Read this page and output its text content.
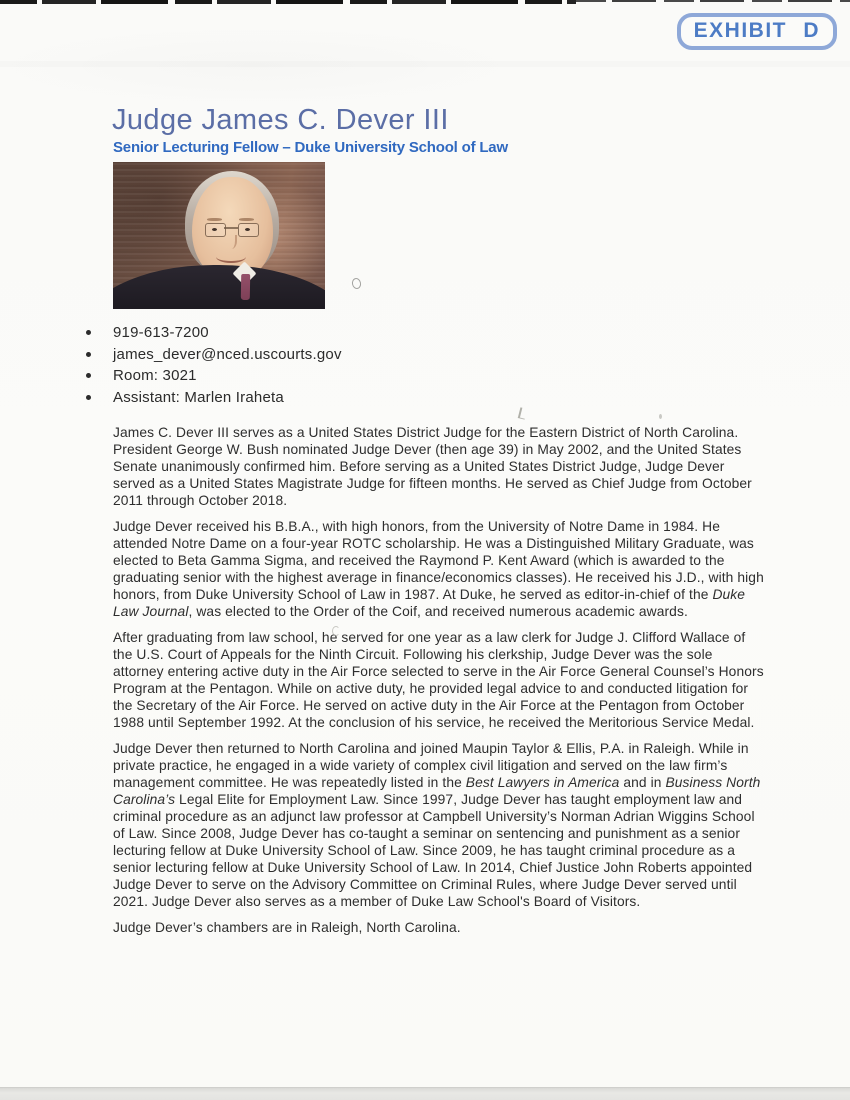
EXHIBIT D
Judge James C. Dever III
Senior Lecturing Fellow – Duke University School of Law
919-613-7200
james_dever@nced.uscourts.gov
Room: 3021
Assistant: Marlen Iraheta

James C. Dever III serves as a United States District Judge for the Eastern District of North Carolina. President George W. Bush nominated Judge Dever (then age 39) in May 2002, and the United States Senate unanimously confirmed him. Before serving as a United States District Judge, Judge Dever served as a United States Magistrate Judge for fifteen months. He served as Chief Judge from October 2011 through October 2018.

Judge Dever received his B.B.A., with high honors, from the University of Notre Dame in 1984. He attended Notre Dame on a four-year ROTC scholarship. He was a Distinguished Military Graduate, was elected to Beta Gamma Sigma, and received the Raymond P. Kent Award (which is awarded to the graduating senior with the highest average in finance/economics classes). He received his J.D., with high honors, from Duke University School of Law in 1987. At Duke, he served as editor-in-chief of the Duke Law Journal, was elected to the Order of the Coif, and received numerous academic awards.

After graduating from law school, he served for one year as a law clerk for Judge J. Clifford Wallace of the U.S. Court of Appeals for the Ninth Circuit. Following his clerkship, Judge Dever was the sole attorney entering active duty in the Air Force selected to serve in the Air Force General Counsel’s Honors Program at the Pentagon. While on active duty, he provided legal advice to and conducted litigation for the Secretary of the Air Force. He served on active duty in the Air Force at the Pentagon from October 1988 until September 1992. At the conclusion of his service, he received the Meritorious Service Medal.

Judge Dever then returned to North Carolina and joined Maupin Taylor & Ellis, P.A. in Raleigh. While in private practice, he engaged in a wide variety of complex civil litigation and served on the law firm’s management committee. He was repeatedly listed in the Best Lawyers in America and in Business North Carolina’s Legal Elite for Employment Law. Since 1997, Judge Dever has taught employment law and criminal procedure as an adjunct law professor at Campbell University’s Norman Adrian Wiggins School of Law. Since 2008, Judge Dever has co-taught a seminar on sentencing and punishment as a senior lecturing fellow at Duke University School of Law. Since 2009, he has taught criminal procedure as a senior lecturing fellow at Duke University School of Law. In 2014, Chief Justice John Roberts appointed Judge Dever to serve on the Advisory Committee on Criminal Rules, where Judge Dever served until 2021. Judge Dever also serves as a member of Duke Law School's Board of Visitors.

Judge Dever’s chambers are in Raleigh, North Carolina.
